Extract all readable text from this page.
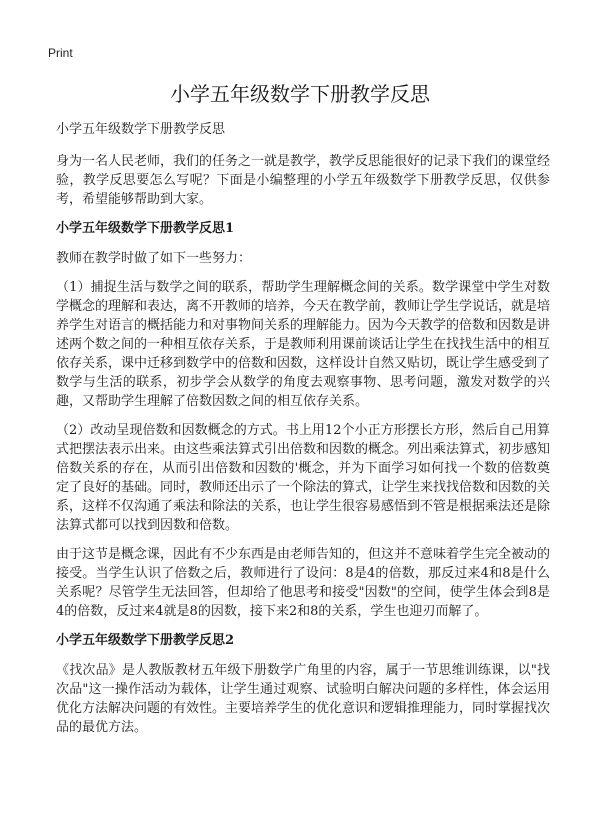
Print
小学五年级数学下册教学反思

小学五年级数学下册教学反思

身为一名人民老师，我们的任务之一就是教学，教学反思能很好的记录下我们的课堂经验，教学反思要怎么写呢？下面是小编整理的小学五年级数学下册教学反思，仅供参考，希望能够帮助到大家。

小学五年级数学下册教学反思1

教师在教学时做了如下一些努力：

（1）捕捉生活与数学之间的联系，帮助学生理解概念间的关系。数学课堂中学生对数学概念的理解和表达，离不开教师的培养，今天在教学前，教师让学生学说话，就是培养学生对语言的概括能力和对事物间关系的理解能力。因为今天教学的倍数和因数是讲述两个数之间的一种相互依存关系，于是教师利用课前谈话让学生在找找生活中的相互依存关系，课中迁移到数学中的倍数和因数，这样设计自然又贴切，既让学生感受到了数学与生活的联系，初步学会从数学的角度去观察事物、思考问题，激发对数学的兴趣，又帮助学生理解了倍数因数之间的相互依存关系。

（2）改动呈现倍数和因数概念的方式。书上用12个小正方形摆长方形，然后自己用算式把摆法表示出来。由这些乘法算式引出倍数和因数的概念。列出乘法算式，初步感知倍数关系的存在，从而引出倍数和因数的'概念，并为下面学习如何找一个数的倍数奠定了良好的基础。同时，教师还出示了一个除法的算式，让学生来找找倍数和因数的关系，这样不仅沟通了乘法和除法的关系，也让学生很容易感悟到不管是根据乘法还是除法算式都可以找到因数和倍数。

由于这节是概念课，因此有不少东西是由老师告知的，但这并不意味着学生完全被动的接受。当学生认识了倍数之后，教师进行了设问：8是4的倍数，那反过来4和8是什么关系呢？尽管学生无法回答，但却给了他思考和接受"因数"的空间，使学生体会到8是4的倍数，反过来4就是8的因数，接下来2和8的关系，学生也迎刃而解了。

小学五年级数学下册教学反思2

《找次品》是人教版教材五年级下册数学广角里的内容，属于一节思维训练课，以"找次品"这一操作活动为载体，让学生通过观察、试验明白解决问题的多样性，体会运用优化方法解决问题的有效性。主要培养学生的优化意识和逻辑推理能力，同时掌握找次品的最优方法。
